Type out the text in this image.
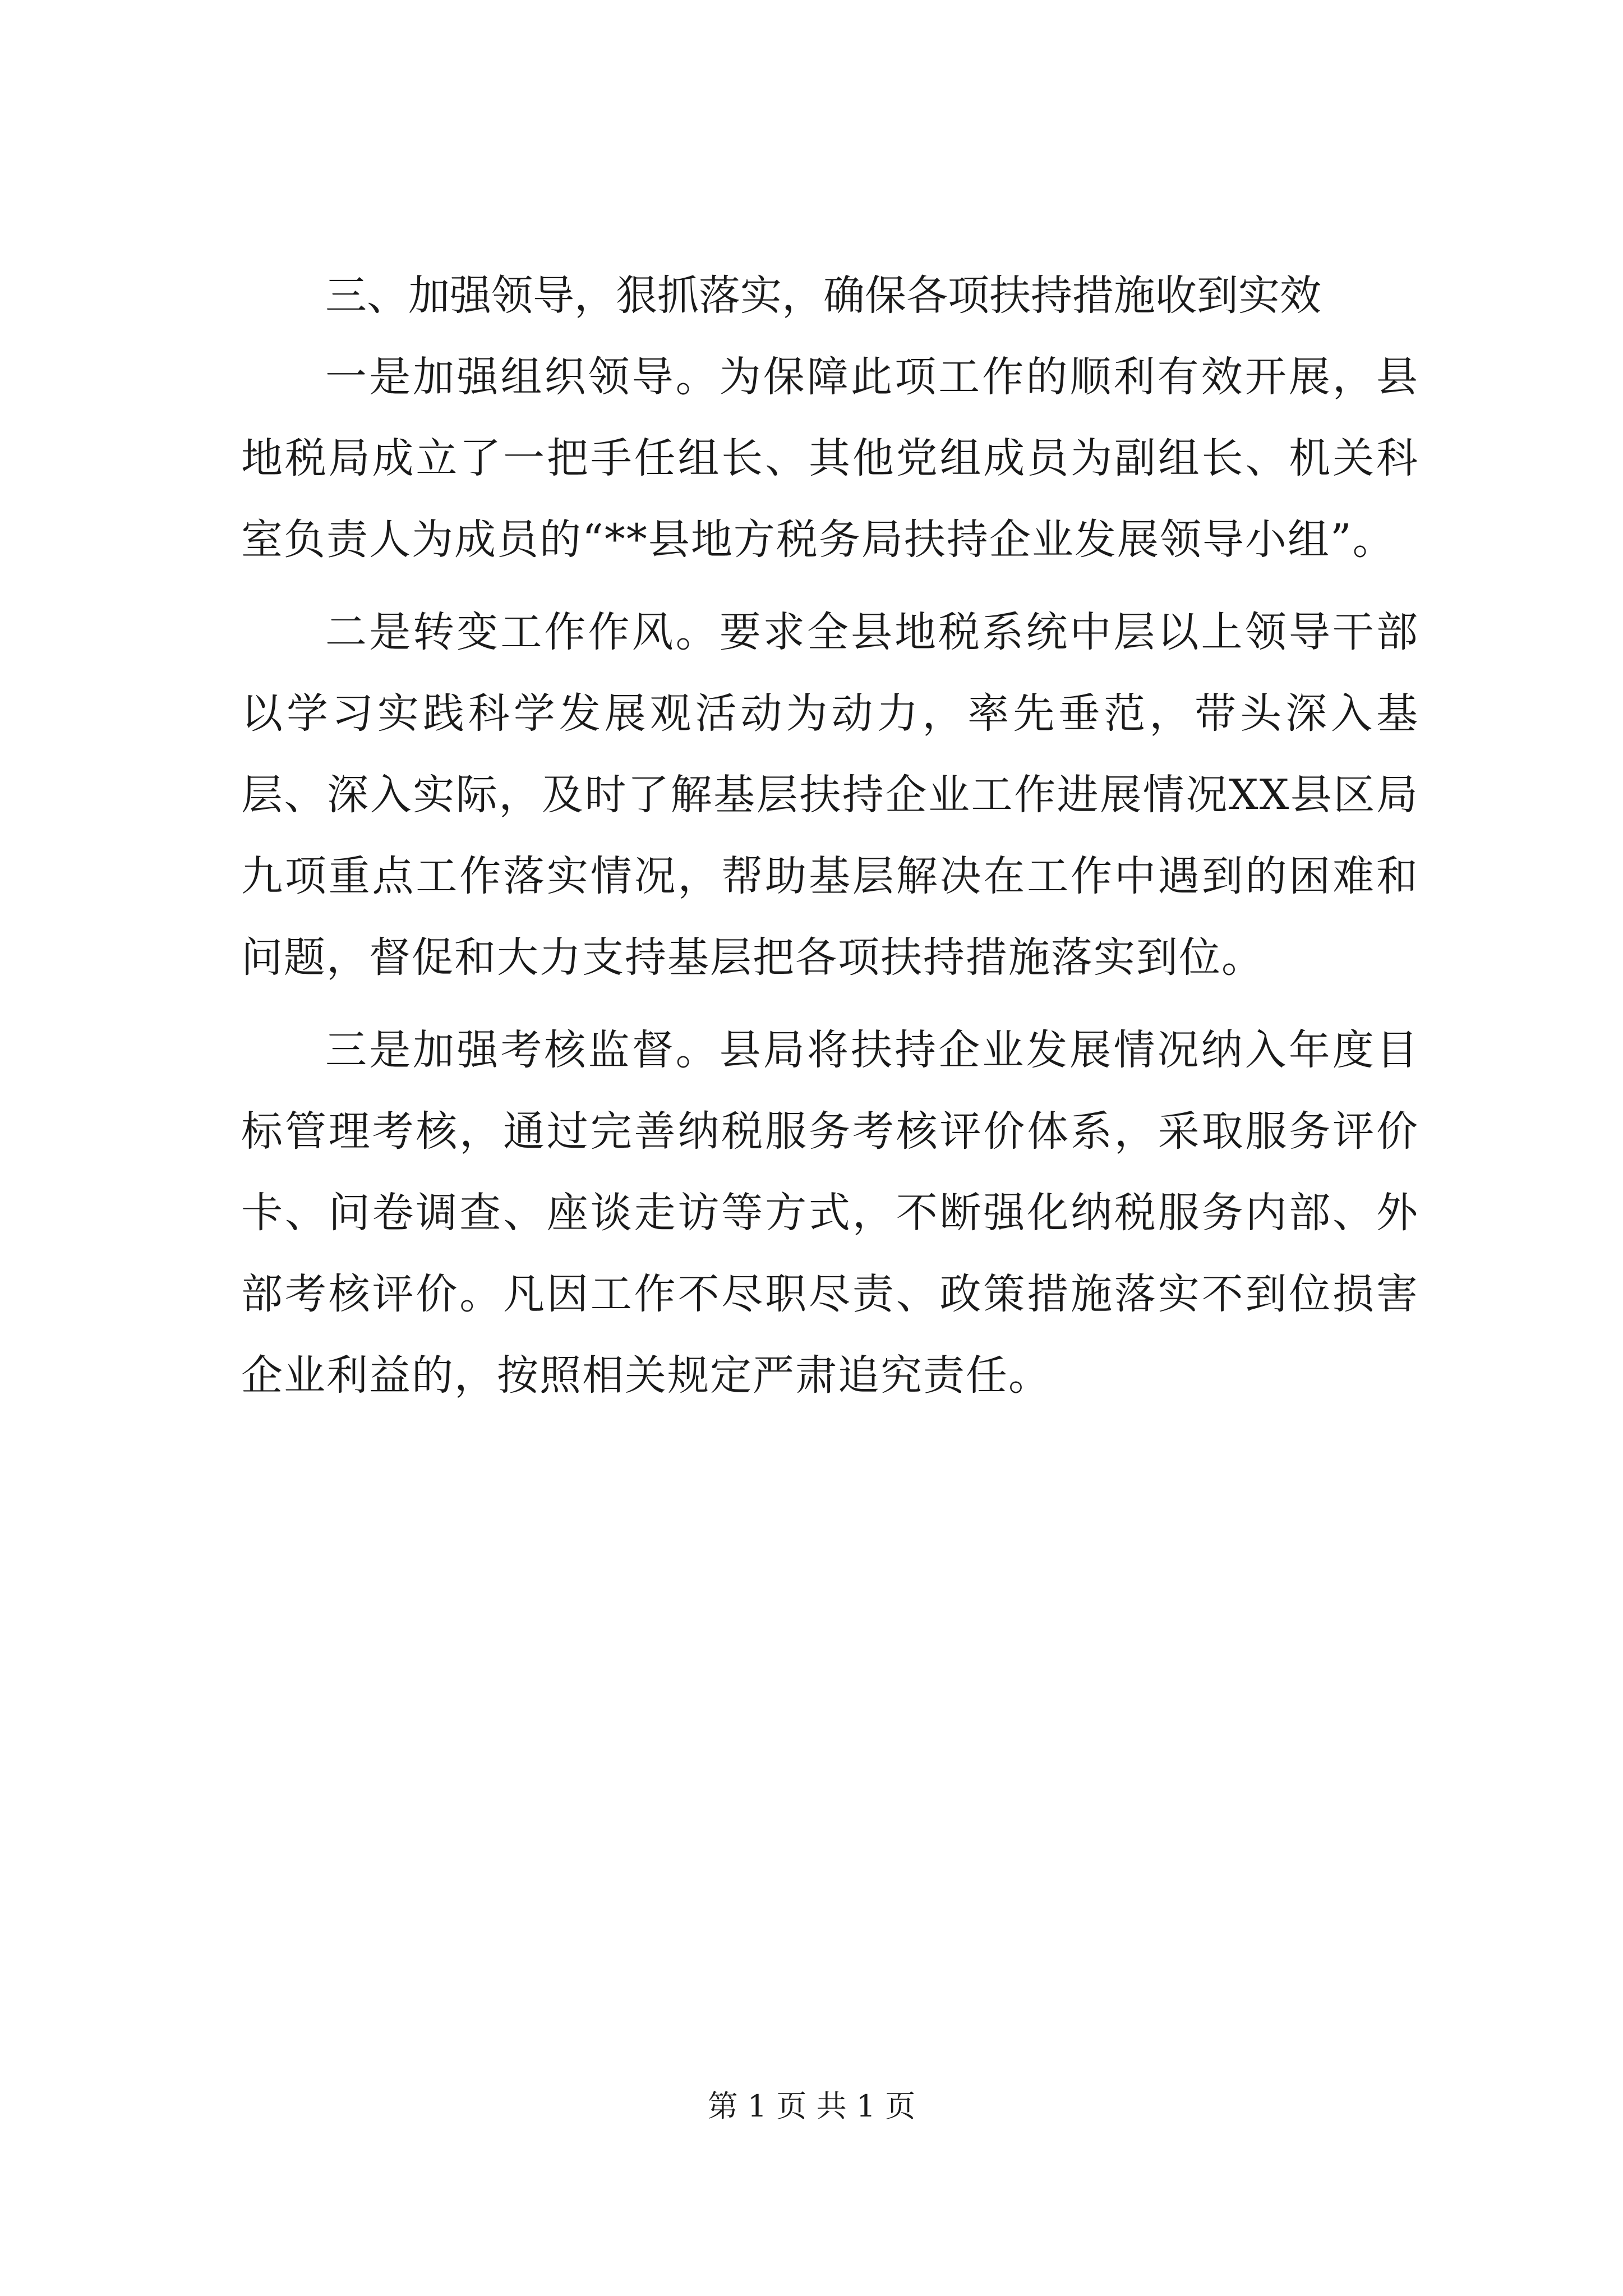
三、加强领导，狠抓落实，确保各项扶持措施收到实效

一是加强组织领导。为保障此项工作的顺利有效开展，县地税局成立了一把手任组长、其他党组成员为副组长、机关科室负责人为成员的“**县地方税务局扶持企业发展领导小组”。

二是转变工作作风。要求全县地税系统中层以上领导干部以学习实践科学发展观活动为动力，率先垂范，带头深入基层、深入实际，及时了解基层扶持企业工作进展情况XX县区局九项重点工作落实情况，帮助基层解决在工作中遇到的困难和问题，督促和大力支持基层把各项扶持措施落实到位。

三是加强考核监督。县局将扶持企业发展情况纳入年度目标管理考核，通过完善纳税服务考核评价体系，采取服务评价卡、问卷调查、座谈走访等方式，不断强化纳税服务内部、外部考核评价。凡因工作不尽职尽责、政策措施落实不到位损害企业利益的，按照相关规定严肃追究责任。

第 1 页 共 1 页
